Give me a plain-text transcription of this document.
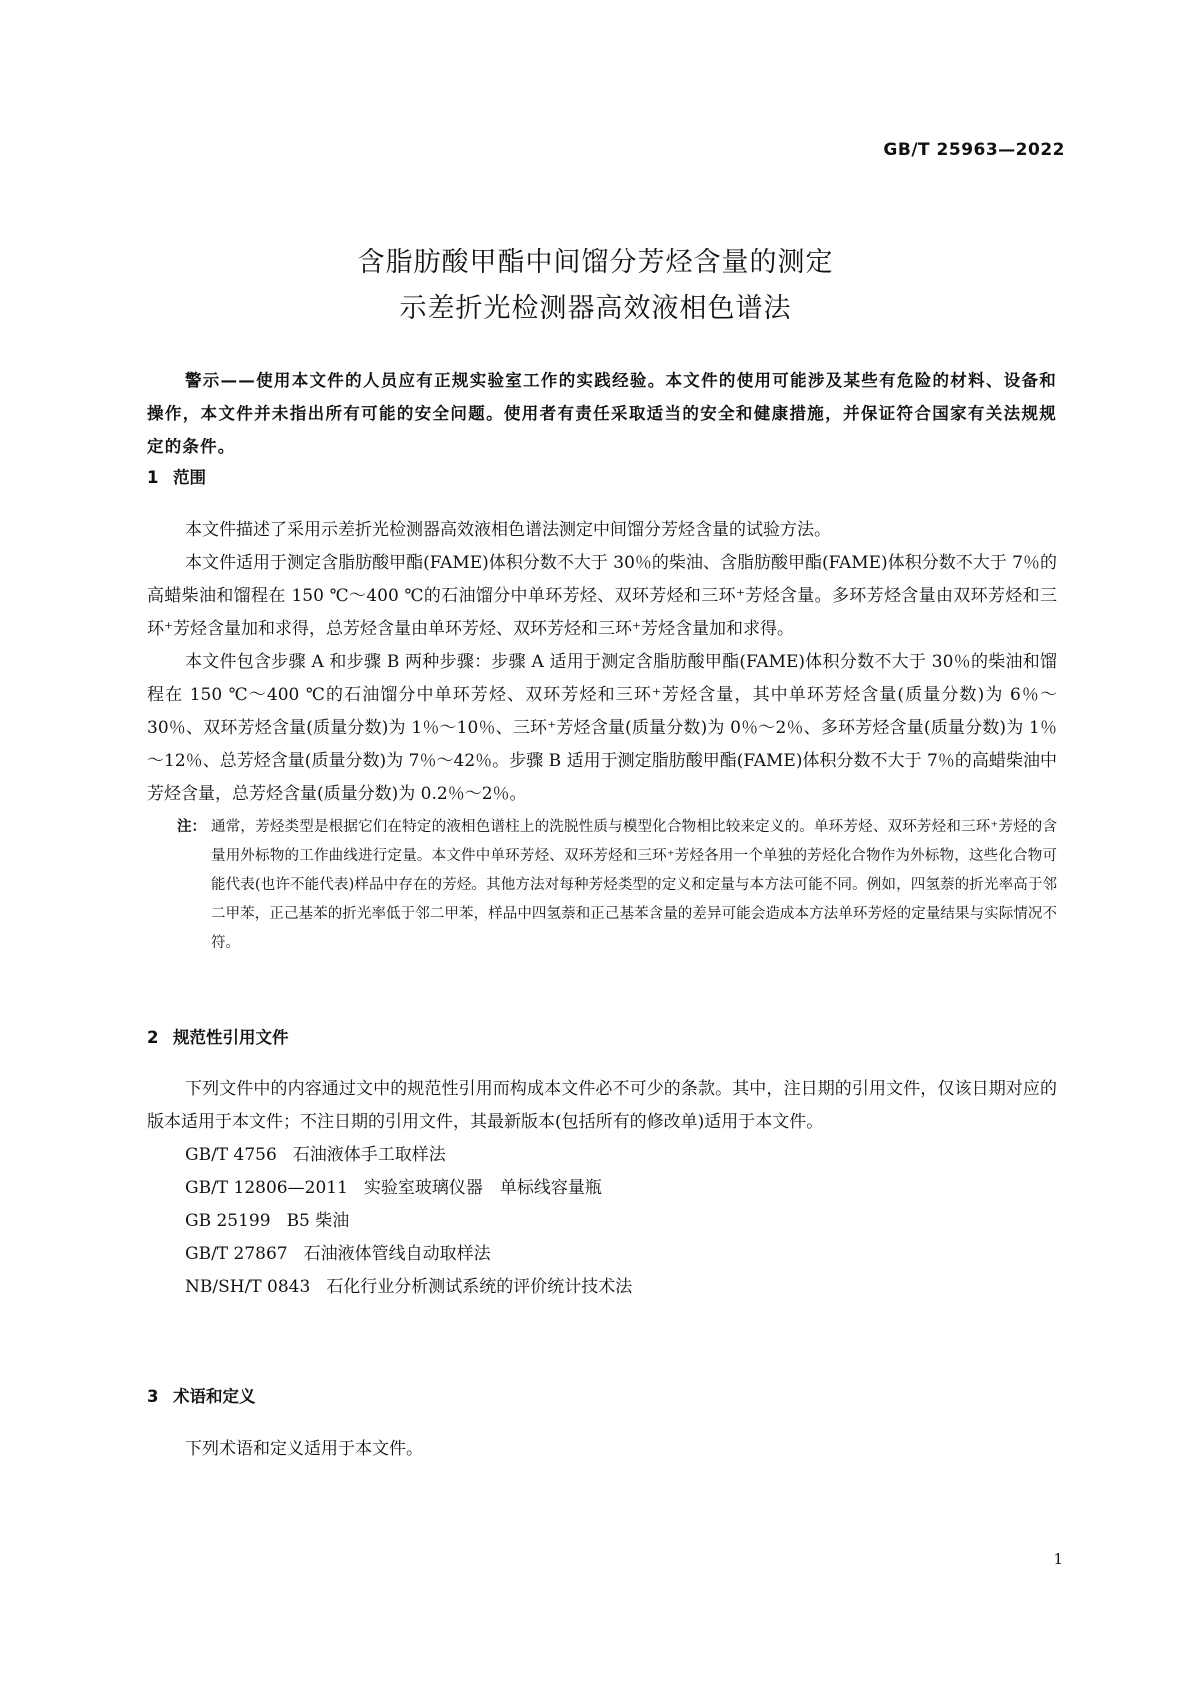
GB/T 25963—2022
含脂肪酸甲酯中间馏分芳烃含量的测定
示差折光检测器高效液相色谱法
警示——使用本文件的人员应有正规实验室工作的实践经验。本文件的使用可能涉及某些有危险的材料、设备和操作，本文件并未指出所有可能的安全问题。使用者有责任采取适当的安全和健康措施，并保证符合国家有关法规规定的条件。
1 范围

本文件描述了采用示差折光检测器高效液相色谱法测定中间馏分芳烃含量的试验方法。

本文件适用于测定含脂肪酸甲酯(FAME)体积分数不大于 30％的柴油、含脂肪酸甲酯(FAME)体积分数不大于 7％的高蜡柴油和馏程在 150 ℃～400 ℃的石油馏分中单环芳烃、双环芳烃和三环⁺芳烃含量。多环芳烃含量由双环芳烃和三环⁺芳烃含量加和求得，总芳烃含量由单环芳烃、双环芳烃和三环⁺芳烃含量加和求得。

本文件包含步骤 A 和步骤 B 两种步骤：步骤 A 适用于测定含脂肪酸甲酯(FAME)体积分数不大于 30％的柴油和馏程在 150 ℃～400 ℃的石油馏分中单环芳烃、双环芳烃和三环⁺芳烃含量，其中单环芳烃含量(质量分数)为 6％～30％、双环芳烃含量(质量分数)为 1％～10％、三环⁺芳烃含量(质量分数)为 0％～2％、多环芳烃含量(质量分数)为 1％～12％、总芳烃含量(质量分数)为 7％～42％。步骤 B 适用于测定脂肪酸甲酯(FAME)体积分数不大于 7％的高蜡柴油中芳烃含量，总芳烃含量(质量分数)为 0.2％～2％。

注： 通常，芳烃类型是根据它们在特定的液相色谱柱上的洗脱性质与模型化合物相比较来定义的。单环芳烃、双环芳烃和三环⁺芳烃的含量用外标物的工作曲线进行定量。本文件中单环芳烃、双环芳烃和三环⁺芳烃各用一个单独的芳烃化合物作为外标物，这些化合物可能代表(也许不能代表)样品中存在的芳烃。其他方法对每种芳烃类型的定义和定量与本方法可能不同。例如，四氢萘的折光率高于邻二甲苯，正己基苯的折光率低于邻二甲苯，样品中四氢萘和正己基苯含量的差异可能会造成本方法单环芳烃的定量结果与实际情况不符。
2 规范性引用文件

下列文件中的内容通过文中的规范性引用而构成本文件必不可少的条款。其中，注日期的引用文件，仅该日期对应的版本适用于本文件；不注日期的引用文件，其最新版本(包括所有的修改单)适用于本文件。

GB/T 4756 石油液体手工取样法

GB/T 12806—2011 实验室玻璃仪器　单标线容量瓶

GB 25199 B5 柴油

GB/T 27867 石油液体管线自动取样法

NB/SH/T 0843 石化行业分析测试系统的评价统计技术法

3 术语和定义

下列术语和定义适用于本文件。

1
